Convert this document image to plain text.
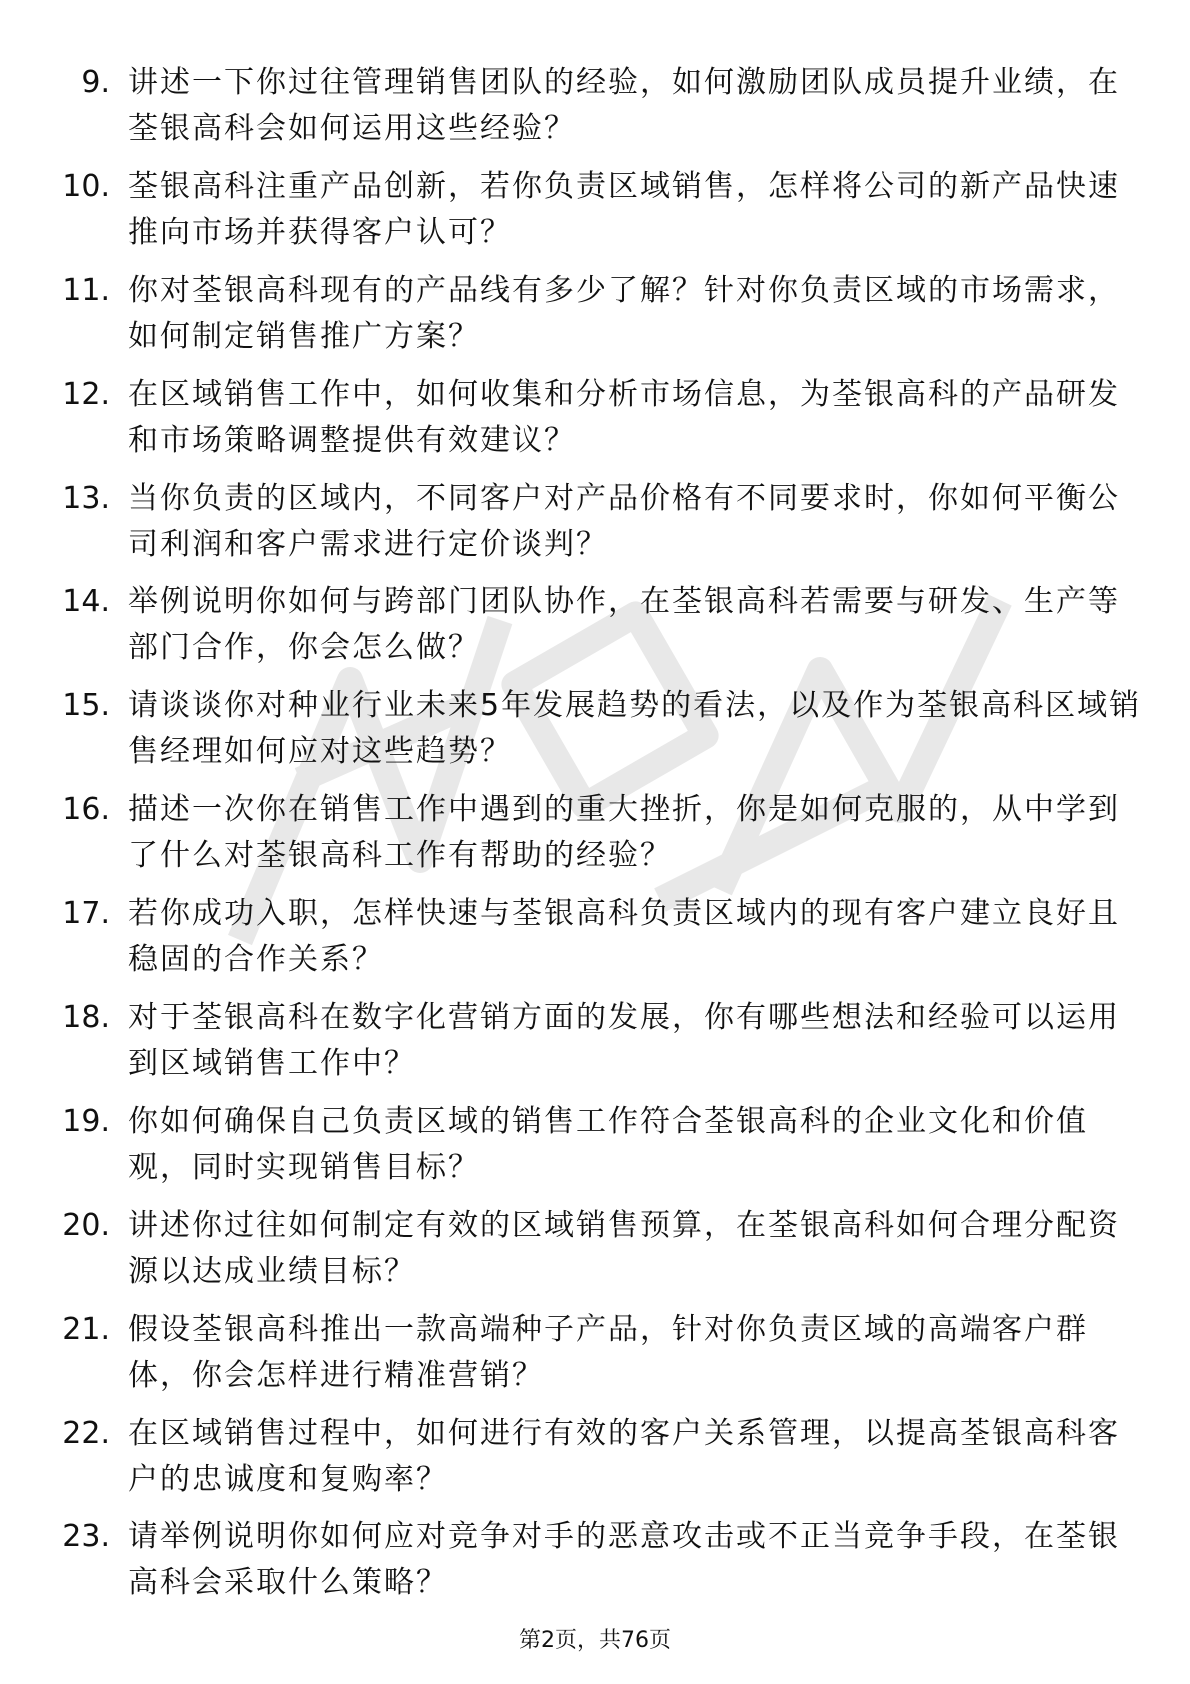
9. 讲述一下你过往管理销售团队的经验，如何激励团队成员提升业绩，在荃银高科会如何运用这些经验？
10. 荃银高科注重产品创新，若你负责区域销售，怎样将公司的新产品快速推向市场并获得客户认可？
11. 你对荃银高科现有的产品线有多少了解？针对你负责区域的市场需求，如何制定销售推广方案？
12. 在区域销售工作中，如何收集和分析市场信息，为荃银高科的产品研发和市场策略调整提供有效建议？
13. 当你负责的区域内，不同客户对产品价格有不同要求时，你如何平衡公司利润和客户需求进行定价谈判？
14. 举例说明你如何与跨部门团队协作，在荃银高科若需要与研发、生产等部门合作，你会怎么做？
15. 请谈谈你对种业行业未来5年发展趋势的看法，以及作为荃银高科区域销售经理如何应对这些趋势？
16. 描述一次你在销售工作中遇到的重大挫折，你是如何克服的，从中学到了什么对荃银高科工作有帮助的经验？
17. 若你成功入职，怎样快速与荃银高科负责区域内的现有客户建立良好且稳固的合作关系？
18. 对于荃银高科在数字化营销方面的发展，你有哪些想法和经验可以运用到区域销售工作中？
19. 你如何确保自己负责区域的销售工作符合荃银高科的企业文化和价值观，同时实现销售目标？
20. 讲述你过往如何制定有效的区域销售预算，在荃银高科如何合理分配资源以达成业绩目标？
21. 假设荃银高科推出一款高端种子产品，针对你负责区域的高端客户群体，你会怎样进行精准营销？
22. 在区域销售过程中，如何进行有效的客户关系管理，以提高荃银高科客户的忠诚度和复购率？
23. 请举例说明你如何应对竞争对手的恶意攻击或不正当竞争手段，在荃银高科会采取什么策略？
第2页，共76页
